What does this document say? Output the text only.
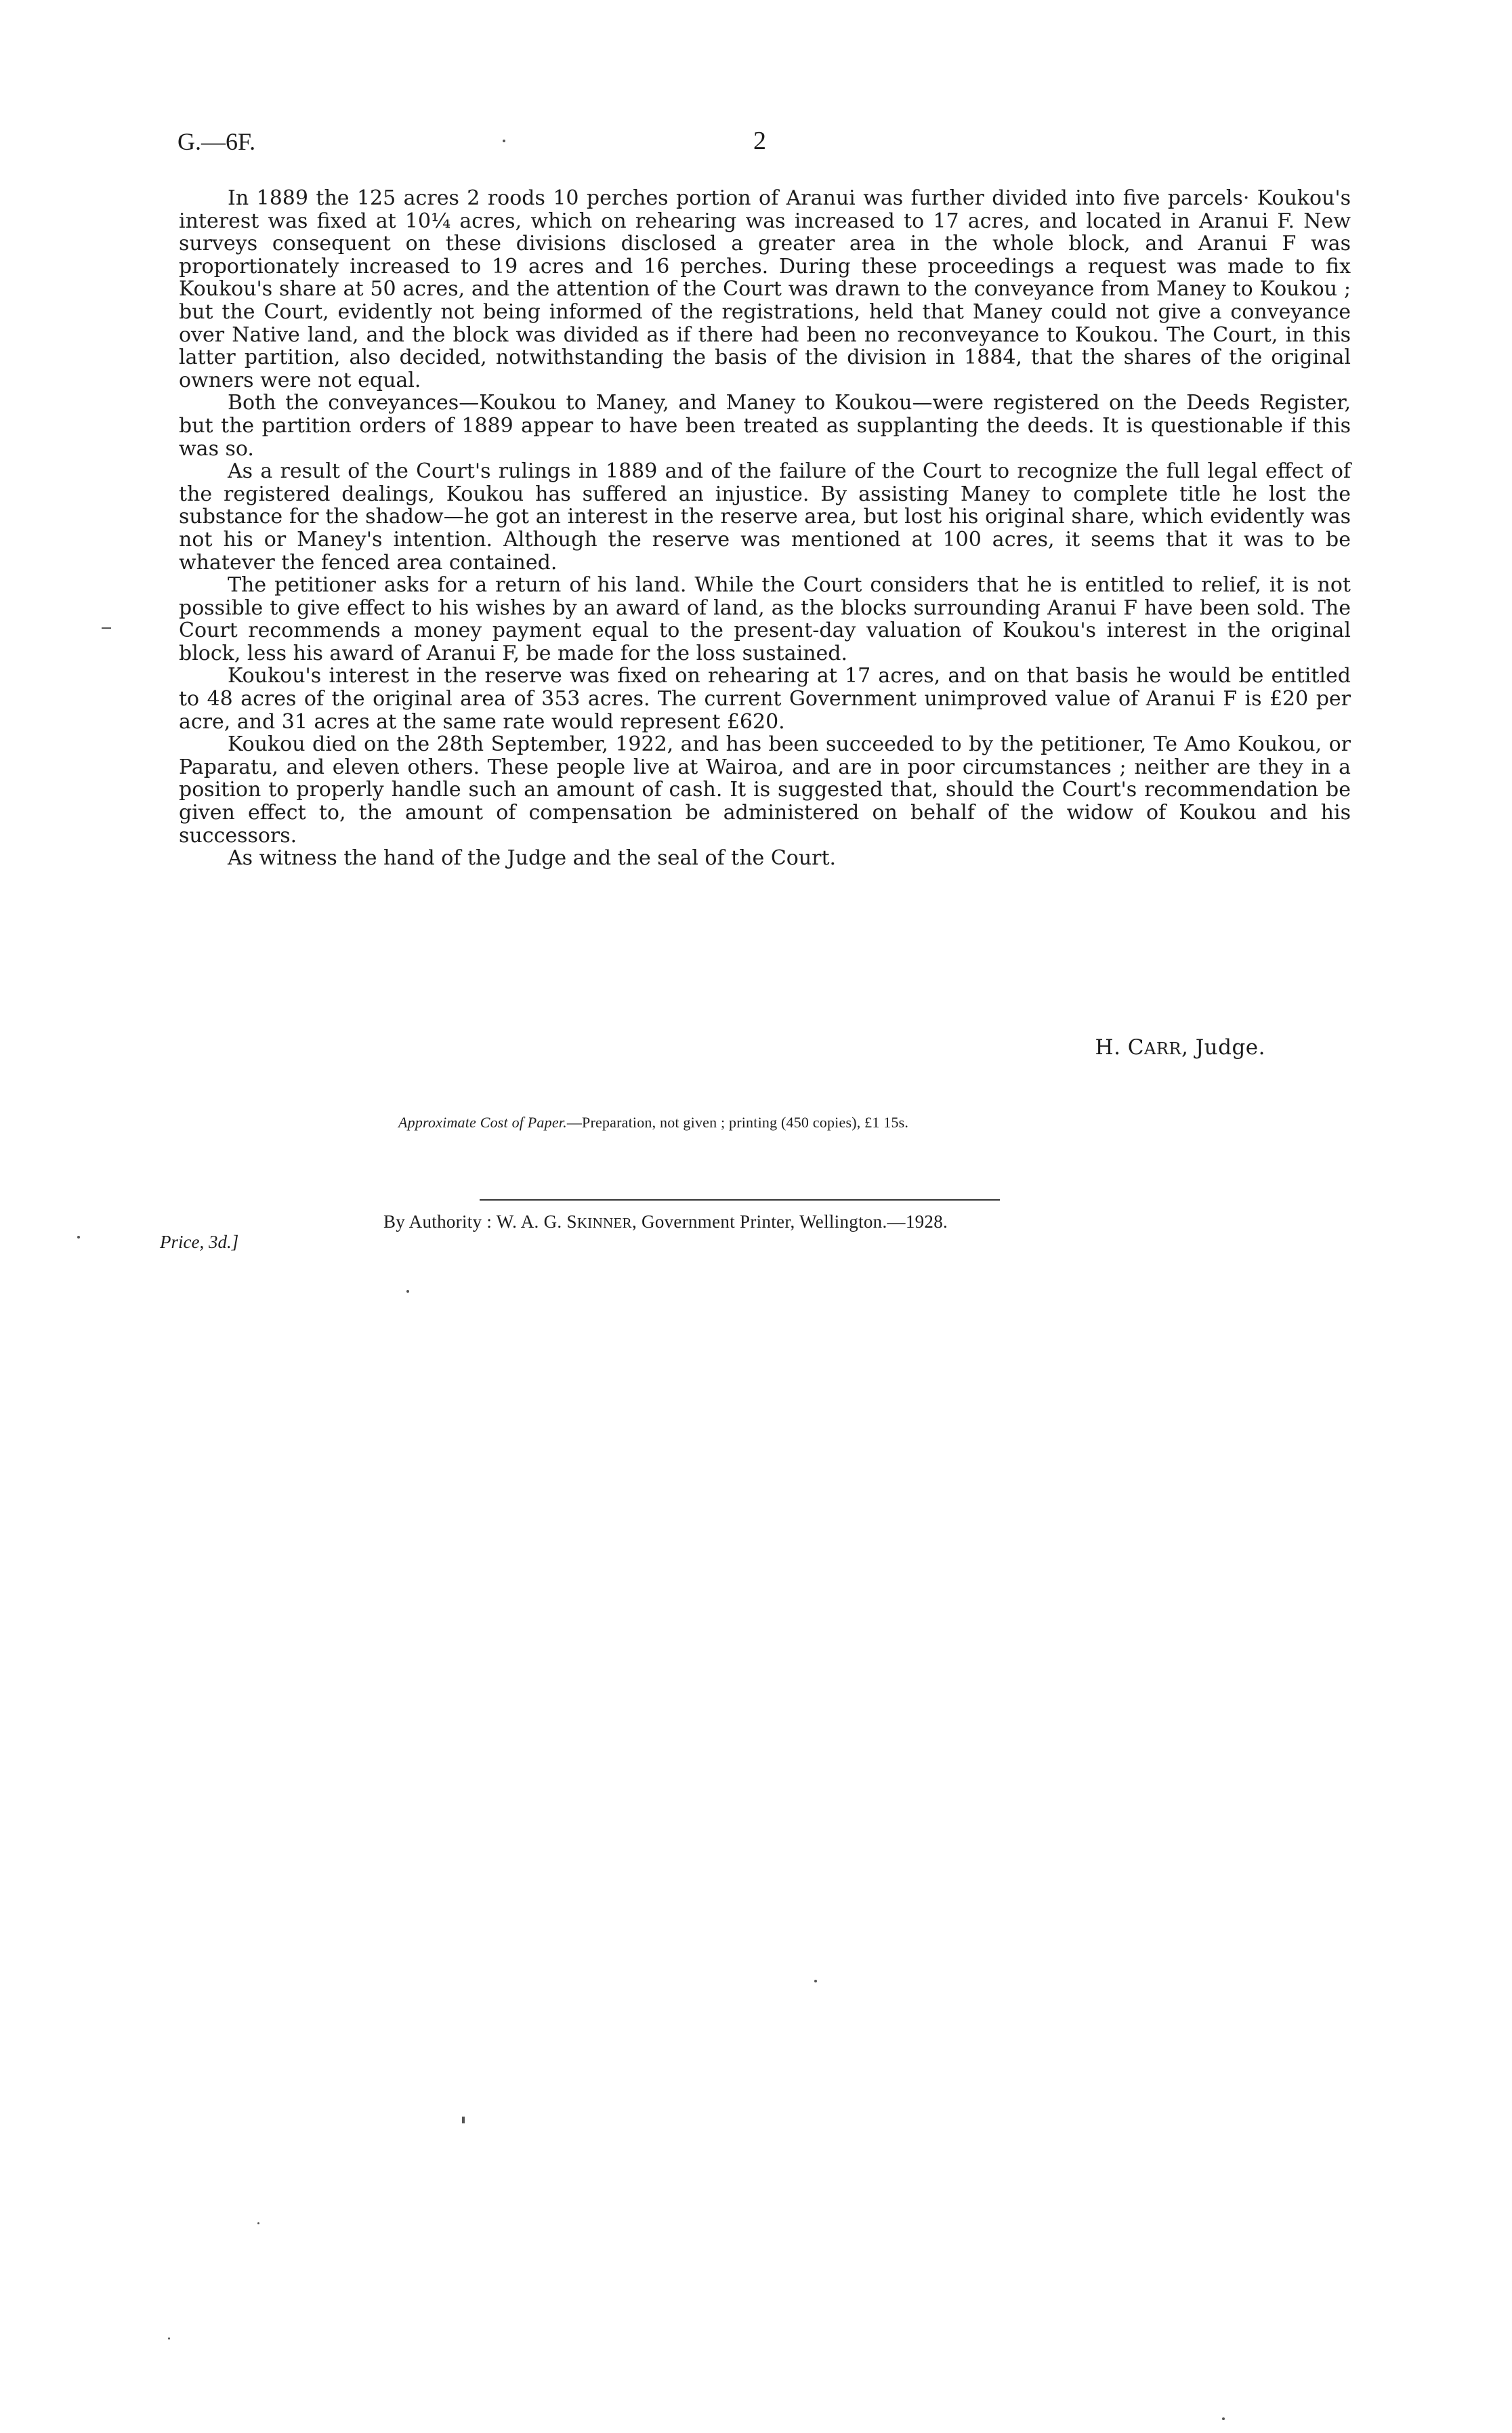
G.—6F.	2

In 1889 the 125 acres 2 roods 10 perches portion of Aranui was further divided into five parcels· Koukou's interest was fixed at 10¼ acres, which on rehearing was increased to 17 acres, and located in Aranui F. New surveys consequent on these divisions disclosed a greater area in the whole block, and Aranui F was proportionately increased to 19 acres and 16 perches. During these proceedings a request was made to fix Koukou's share at 50 acres, and the attention of the Court was drawn to the conveyance from Maney to Koukou ; but the Court, evidently not being informed of the registrations, held that Maney could not give a conveyance over Native land, and the block was divided as if there had been no reconveyance to Koukou. The Court, in this latter partition, also decided, notwithstanding the basis of the division in 1884, that the shares of the original owners were not equal.

Both the conveyances—Koukou to Maney, and Maney to Koukou—were registered on the Deeds Register, but the partition orders of 1889 appear to have been treated as supplanting the deeds. It is questionable if this was so.

As a result of the Court's rulings in 1889 and of the failure of the Court to recognize the full legal effect of the registered dealings, Koukou has suffered an injustice. By assisting Maney to complete title he lost the substance for the shadow—he got an interest in the reserve area, but lost his original share, which evidently was not his or Maney's intention. Although the reserve was mentioned at 100 acres, it seems that it was to be whatever the fenced area contained.

The petitioner asks for a return of his land. While the Court considers that he is entitled to relief, it is not possible to give effect to his wishes by an award of land, as the blocks surrounding Aranui F have been sold. The Court recommends a money payment equal to the present-day valuation of Koukou's interest in the original block, less his award of Aranui F, be made for the loss sustained.

Koukou's interest in the reserve was fixed on rehearing at 17 acres, and on that basis he would be entitled to 48 acres of the original area of 353 acres. The current Government unimproved value of Aranui F is £20 per acre, and 31 acres at the same rate would represent £620.

Koukou died on the 28th September, 1922, and has been succeeded to by the petitioner, Te Amo Koukou, or Paparatu, and eleven others. These people live at Wairoa, and are in poor circumstances ; neither are they in a position to properly handle such an amount of cash. It is suggested that, should the Court's recommendation be given effect to, the amount of compensation be administered on behalf of the widow of Koukou and his successors.

As witness the hand of the Judge and the seal of the Court.

H. CARR, Judge.
Approximate Cost of Paper.—Preparation, not given ; printing (450 copies), £1 15s.
By Authority : W. A. G. SKINNER, Government Printer, Wellington.—1928.
Price, 3d.]
